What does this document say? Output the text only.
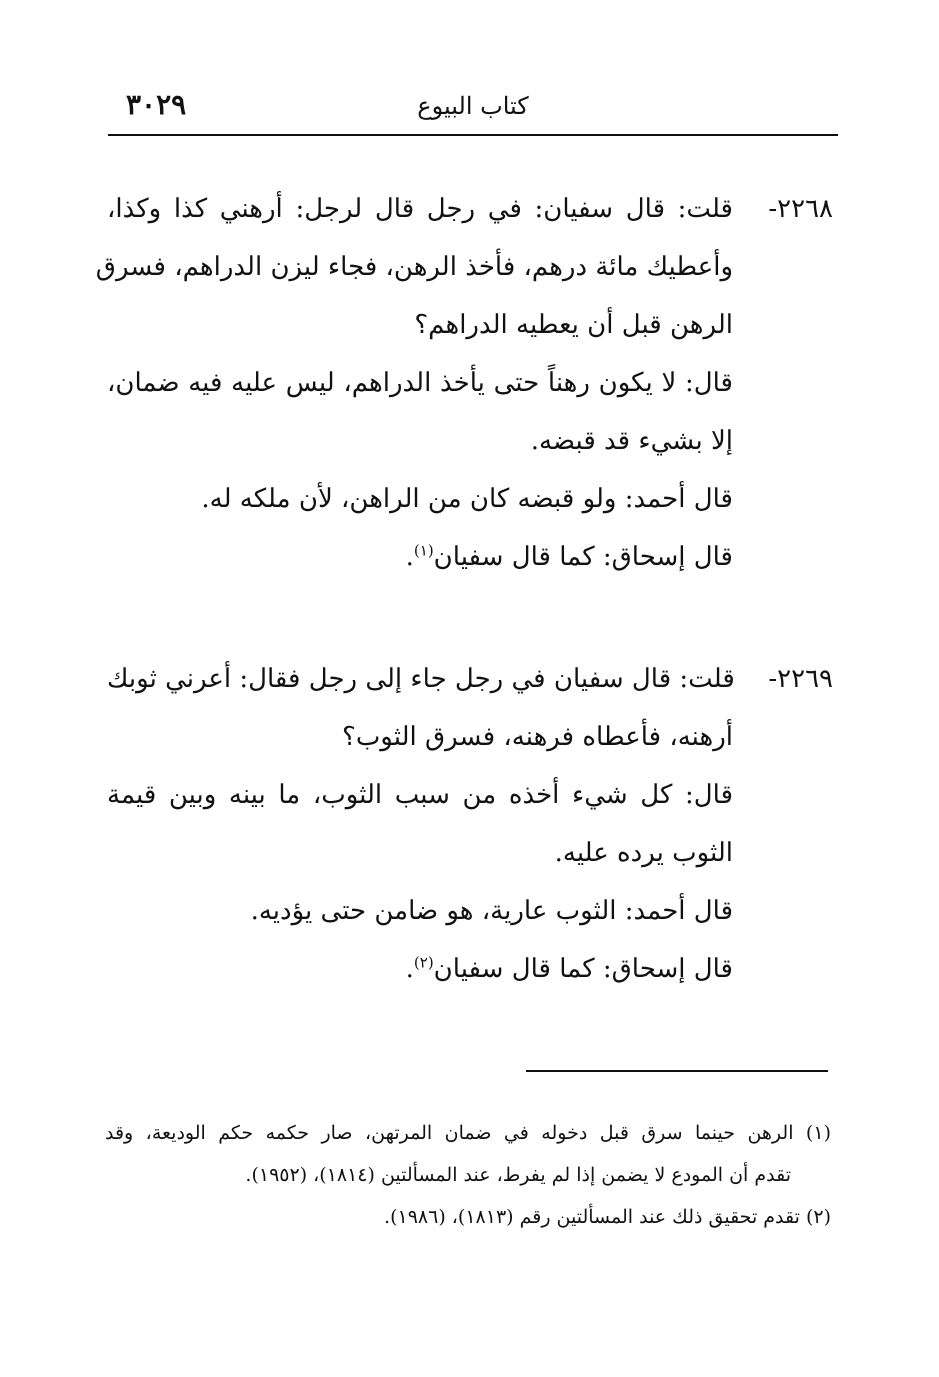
كتاب البيوع
٣٠٢٩
٢٢٦٨-
قلت: قال سفيان: في رجل قال لرجل: أرهني كذا وكذا،
وأعطيك مائة درهم، فأخذ الرهن، فجاء ليزن الدراهم، فسرق
الرهن قبل أن يعطيه الدراهم؟
قال: لا يكون رهناً حتى يأخذ الدراهم، ليس عليه فيه ضمان،
إلا بشيء قد قبضه.
قال أحمد: ولو قبضه كان من الراهن، لأن ملكه له.
قال إسحاق: كما قال سفيان$^{(١)}$.
٢٢٦٩-
قلت: قال سفيان في رجل جاء إلى رجل فقال: أعرني ثوبك
أرهنه، فأعطاه فرهنه، فسرق الثوب؟
قال: كل شيء أخذه من سبب الثوب، ما بينه وبين قيمة
الثوب يرده عليه.
قال أحمد: الثوب عارية، هو ضامن حتى يؤديه.
قال إسحاق: كما قال سفيان$^{(٢)}$.
(١) الرهن حينما سرق قبل دخوله في ضمان المرتهن، صار حكمه حكم الوديعة، وقد
تقدم أن المودع لا يضمن إذا لم يفرط، عند المسألتين (١٨١٤)، (١٩٥٢).
(٢) تقدم تحقيق ذلك عند المسألتين رقم (١٨١٣)، (١٩٨٦).
